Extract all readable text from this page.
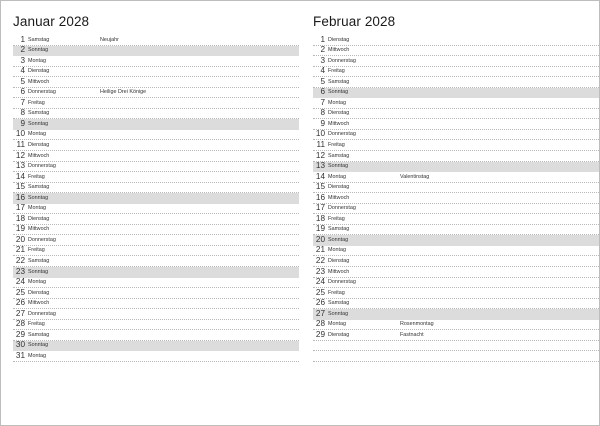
Januar 2028
1 Samstag	Neujahr
2 Sonntag
3 Montag
4 Dienstag
5 Mittwoch
6 Donnerstag	Heilige Drei Könige
7 Freitag
8 Samstag
9 Sonntag
10 Montag
11 Dienstag
12 Mittwoch
13 Donnerstag
14 Freitag
15 Samstag
16 Sonntag
17 Montag
18 Dienstag
19 Mittwoch
20 Donnerstag
21 Freitag
22 Samstag
23 Sonntag
24 Montag
25 Dienstag
26 Mittwoch
27 Donnerstag
28 Freitag
29 Samstag
30 Sonntag
31 Montag
Februar 2028
1 Dienstag
2 Mittwoch
3 Donnerstag
4 Freitag
5 Samstag
6 Sonntag
7 Montag
8 Dienstag
9 Mittwoch
10 Donnerstag
11 Freitag
12 Samstag
13 Sonntag
14 Montag	Valentinstag
15 Dienstag
16 Mittwoch
17 Donnerstag
18 Freitag
19 Samstag
20 Sonntag
21 Montag
22 Dienstag
23 Mittwoch
24 Donnerstag
25 Freitag
26 Samstag
27 Sonntag
28 Montag	Rosenmontag
29 Dienstag	Fastnacht
